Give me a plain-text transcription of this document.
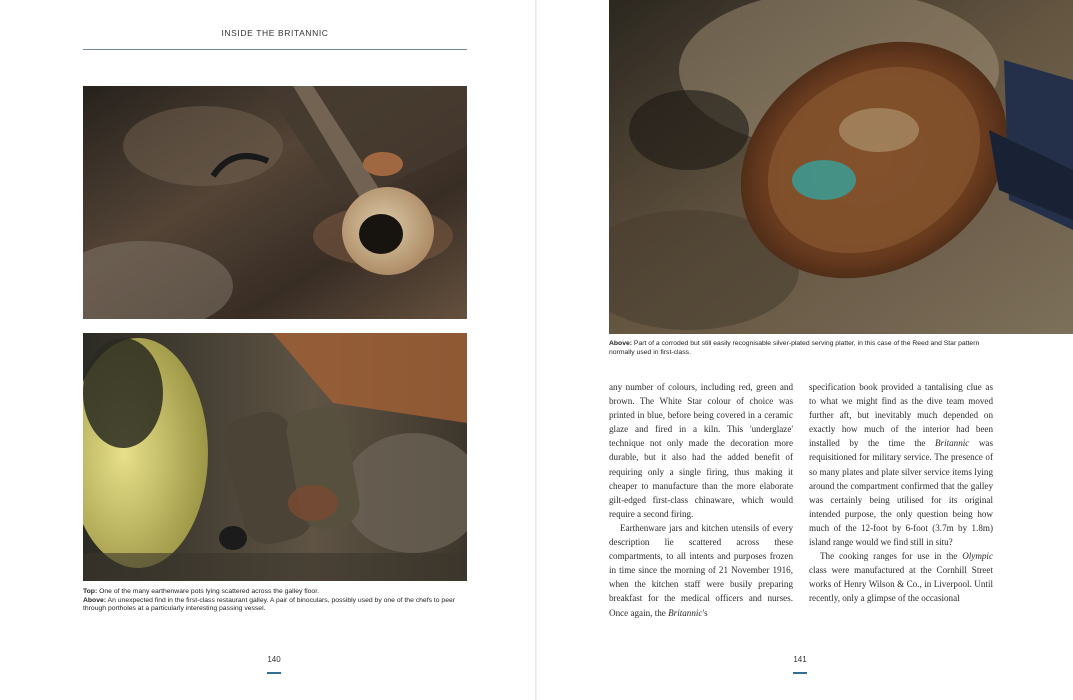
INSIDE THE BRITANNIC
Top: One of the many earthenware pots lying scattered across the galley floor.
Above: An unexpected find in the first-class restaurant galley. A pair of binoculars, possibly used by one of the chefs to peer through portholes at a particularly interesting passing vessel.
140
Above: Part of a corroded but still easily recognisable silver-plated serving platter, in this case of the Reed and Star pattern normally used in first-class.

any number of colours, including red, green and brown. The White Star colour of choice was printed in blue, before being covered in a ceramic glaze and fired in a kiln. This 'underglaze' technique not only made the decoration more durable, but it also had the added benefit of requiring only a single firing, thus making it cheaper to manufacture than the more elaborate gilt-edged first-class chinaware, which would require a second firing.

Earthenware jars and kitchen utensils of every description lie scattered across these compartments, to all intents and purposes frozen in time since the morning of 21 November 1916, when the kitchen staff were busily preparing breakfast for the medical officers and nurses. Once again, the Britannic's

specification book provided a tantalising clue as to what we might find as the dive team moved further aft, but inevitably much depended on exactly how much of the interior had been installed by the time the Britannic was requisitioned for military service. The presence of so many plates and plate silver service items lying around the compartment confirmed that the galley was certainly being utilised for its original intended purpose, the only question being how much of the 12-foot by 6-foot (3.7m by 1.8m) island range would we find still in situ?

The cooking ranges for use in the Olympic class were manufactured at the Cornhill Street works of Henry Wilson & Co., in Liverpool. Until recently, only a glimpse of the occasional

141
